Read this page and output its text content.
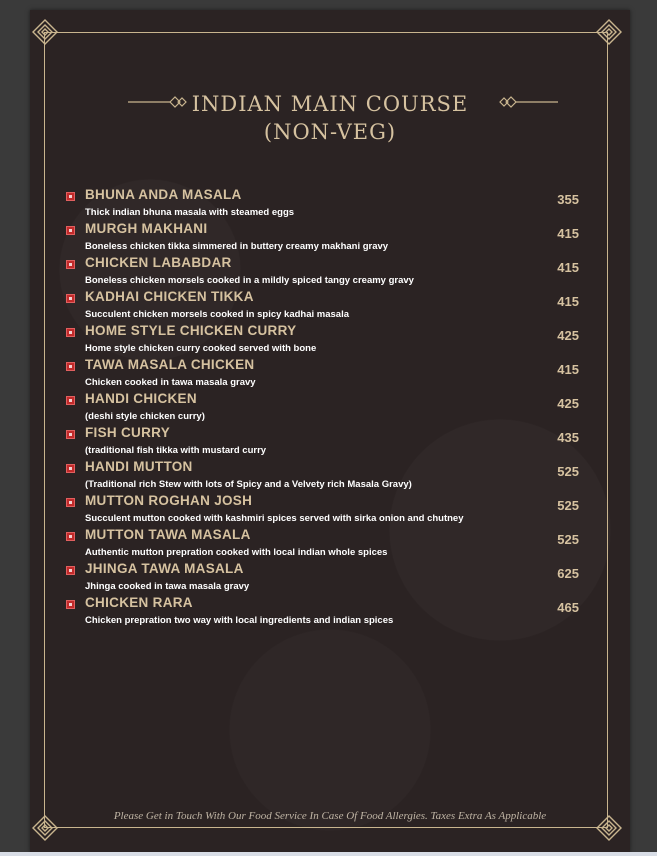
INDIAN MAIN COURSE
(NON-VEG)
BHUNA ANDA MASALA
Thick indian bhuna masala with steamed eggs
355
MURGH MAKHANI
Boneless chicken tikka simmered in buttery creamy makhani gravy
415
CHICKEN LABABDAR
Boneless chicken morsels cooked in a mildly spiced tangy creamy gravy
415
KADHAI CHICKEN TIKKA
Succulent chicken morsels cooked in spicy kadhai masala
415
HOME STYLE CHICKEN CURRY
Home style chicken curry cooked served with bone
425
TAWA MASALA CHICKEN
Chicken cooked in tawa masala gravy
415
HANDI CHICKEN
(deshi style chicken curry)
425
FISH CURRY
(traditional fish tikka with mustard curry
435
HANDI MUTTON
(Traditional rich Stew with lots of Spicy and a Velvety rich Masala Gravy)
525
MUTTON ROGHAN JOSH
Succulent mutton cooked with kashmiri spices served with sirka onion and chutney
525
MUTTON TAWA MASALA
Authentic mutton prepration cooked with local indian whole spices
525
JHINGA TAWA MASALA
Jhinga cooked in tawa masala gravy
625
CHICKEN RARA
Chicken prepration two way with local ingredients and indian spices
465
Please Get in Touch With Our Food Service In Case Of Food Allergies. Taxes Extra As Applicable
